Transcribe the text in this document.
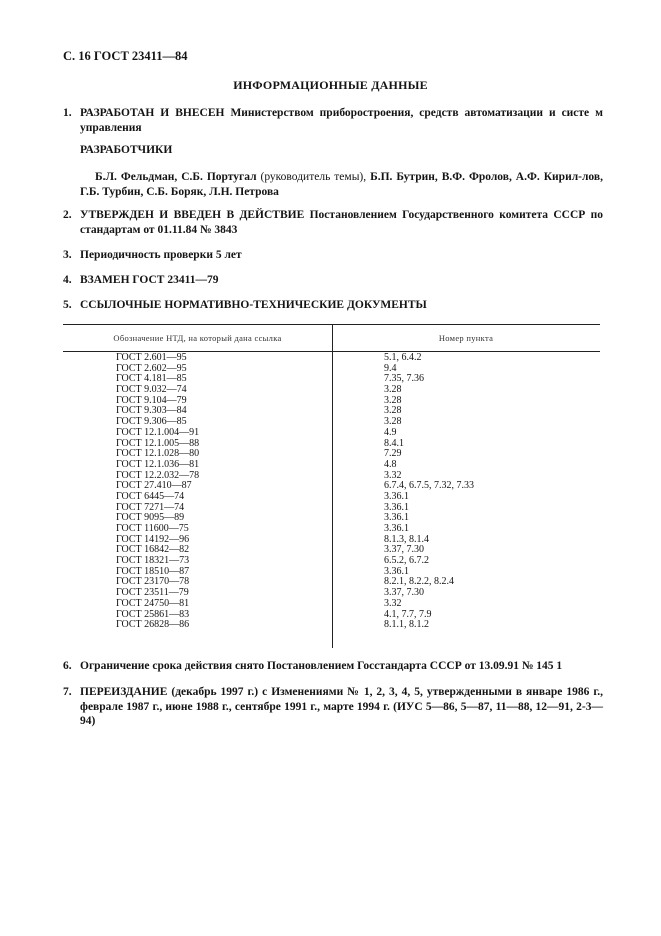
С. 16 ГОСТ 23411—84
ИНФОРМАЦИОННЫЕ ДАННЫЕ
1. РАЗРАБОТАН И ВНЕСЕН Министерством приборостроения, средств автоматизации и систе м управления
РАЗРАБОТЧИКИ
Б.Л. Фельдман, С.Б. Португал (руководитель темы), Б.П. Бутрин, В.Ф. Фролов, А.Ф. Кирил-лов, Г.Б. Турбин, С.Б. Боряк, Л.Н. Петрова
2. УТВЕРЖДЕН И ВВЕДЕН В ДЕЙСТВИЕ Постановлением Государственного комитета СССР по стандартам от 01.11.84 № 3843
3. Периодичность проверки 5 лет
4. ВЗАМЕН ГОСТ 23411—79
5. ССЫЛОЧНЫЕ НОРМАТИВНО-ТЕХНИЧЕСКИЕ ДОКУМЕНТЫ
Обозначение НТД, на который дана ссылка	Номер пункта
ГОСТ 2.601—95	5.1, 6.4.2
ГОСТ 2.602—95	9.4
ГОСТ 4.181—85	7.35, 7.36
ГОСТ 9.032—74	3.28
ГОСТ 9.104—79	3.28
ГОСТ 9.303—84	3.28
ГОСТ 9.306—85	3.28
ГОСТ 12.1.004—91	4.9
ГОСТ 12.1.005—88	8.4.1
ГОСТ 12.1.028—80	7.29
ГОСТ 12.1.036—81	4.8
ГОСТ 12.2.032—78	3.32
ГОСТ 27.410—87	6.7.4, 6.7.5, 7.32, 7.33
ГОСТ 6445—74	3.36.1
ГОСТ 7271—74	3.36.1
ГОСТ 9095—89	3.36.1
ГОСТ 11600—75	3.36.1
ГОСТ 14192—96	8.1.3, 8.1.4
ГОСТ 16842—82	3.37, 7.30
ГОСТ 18321—73	6.5.2, 6.7.2
ГОСТ 18510—87	3.36.1
ГОСТ 23170—78	8.2.1, 8.2.2, 8.2.4
ГОСТ 23511—79	3.37, 7.30
ГОСТ 24750—81	3.32
ГОСТ 25861—83	4.1, 7.7, 7.9
ГОСТ 26828—86	8.1.1, 8.1.2
6. Ограничение срока действия снято Постановлением Госстандарта СССР от 13.09.91 № 145 1
7. ПЕРЕИЗДАНИЕ (декабрь 1997 г.) с Изменениями № 1, 2, 3, 4, 5, утвержденными в январе 1986 г., феврале 1987 г., июне 1988 г., сентябре 1991 г., марте 1994 г. (ИУС 5—86, 5—87, 11—88, 12—91, 2-3—94)
